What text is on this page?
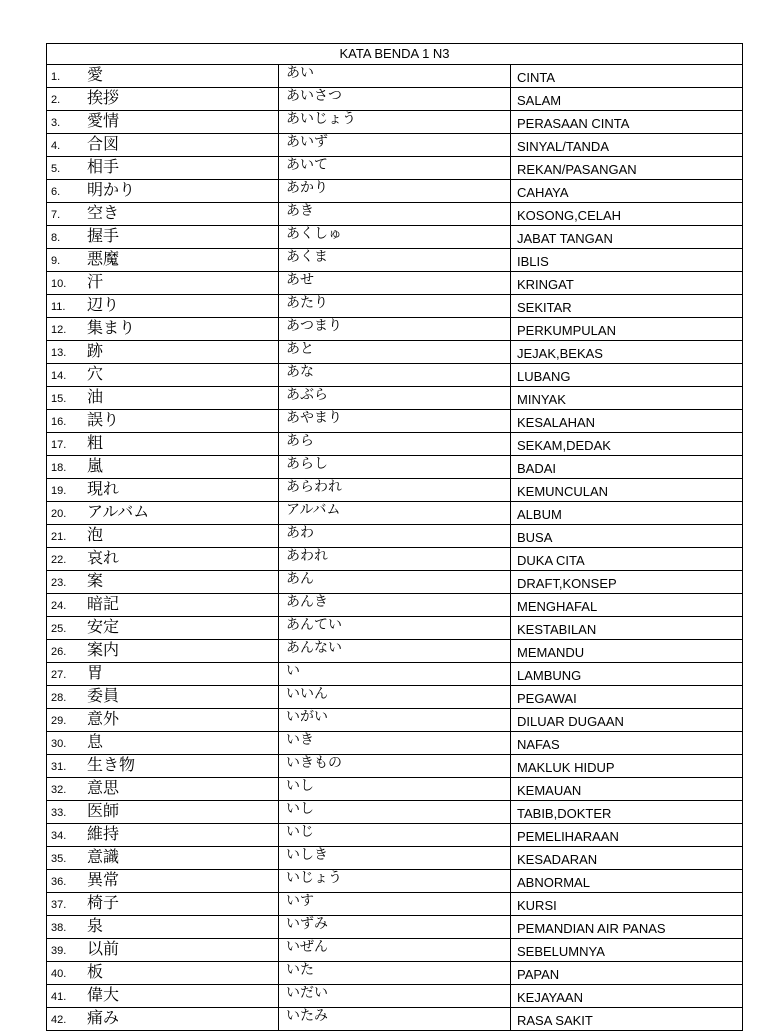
KATA BENDA 1 N3		
1. 愛	あい	CINTA

2. 挨拶	あいさつ	SALAM

3. 愛情	あいじょう	PERASAAN CINTA

4. 合図	あいず	SINYAL/TANDA

5. 相手	あいて	REKAN/PASANGAN

6. 明かり	あかり	CAHAYA

7. 空き	あき	KOSONG,CELAH

8. 握手	あくしゅ	JABAT TANGAN

9. 悪魔	あくま	IBLIS

10. 汗	あせ	KRINGAT

11. 辺り	あたり	SEKITAR

12. 集まり	あつまり	PERKUMPULAN

13. 跡	あと	JEJAK,BEKAS

14. 穴	あな	LUBANG

15. 油	あぶら	MINYAK

16. 誤り	あやまり	KESALAHAN

17. 粗	あら	SEKAM,DEDAK

18. 嵐	あらし	BADAI

19. 現れ	あらわれ	KEMUNCULAN

20. アルバム	アルバム	ALBUM

21. 泡	あわ	BUSA

22. 哀れ	あわれ	DUKA CITA

23. 案	あん	DRAFT,KONSEP

24. 暗記	あんき	MENGHAFAL

25. 安定	あんてい	KESTABILAN

26. 案内	あんない	MEMANDU

27. 胃	い	LAMBUNG

28. 委員	いいん	PEGAWAI

29. 意外	いがい	DILUAR DUGAAN

30. 息	いき	NAFAS

31. 生き物	いきもの	MAKLUK HIDUP

32. 意思	いし	KEMAUAN

33. 医師	いし	TABIB,DOKTER

34. 維持	いじ	PEMELIHARAAN

35. 意識	いしき	KESADARAN

36. 異常	いじょう	ABNORMAL

37. 椅子	いす	KURSI

38. 泉	いずみ	PEMANDIAN AIR PANAS

39. 以前	いぜん	SEBELUMNYA

40. 板	いた	PAPAN

41. 偉大	いだい	KEJAYAAN

42. 痛み	いたみ	RASA SAKIT
